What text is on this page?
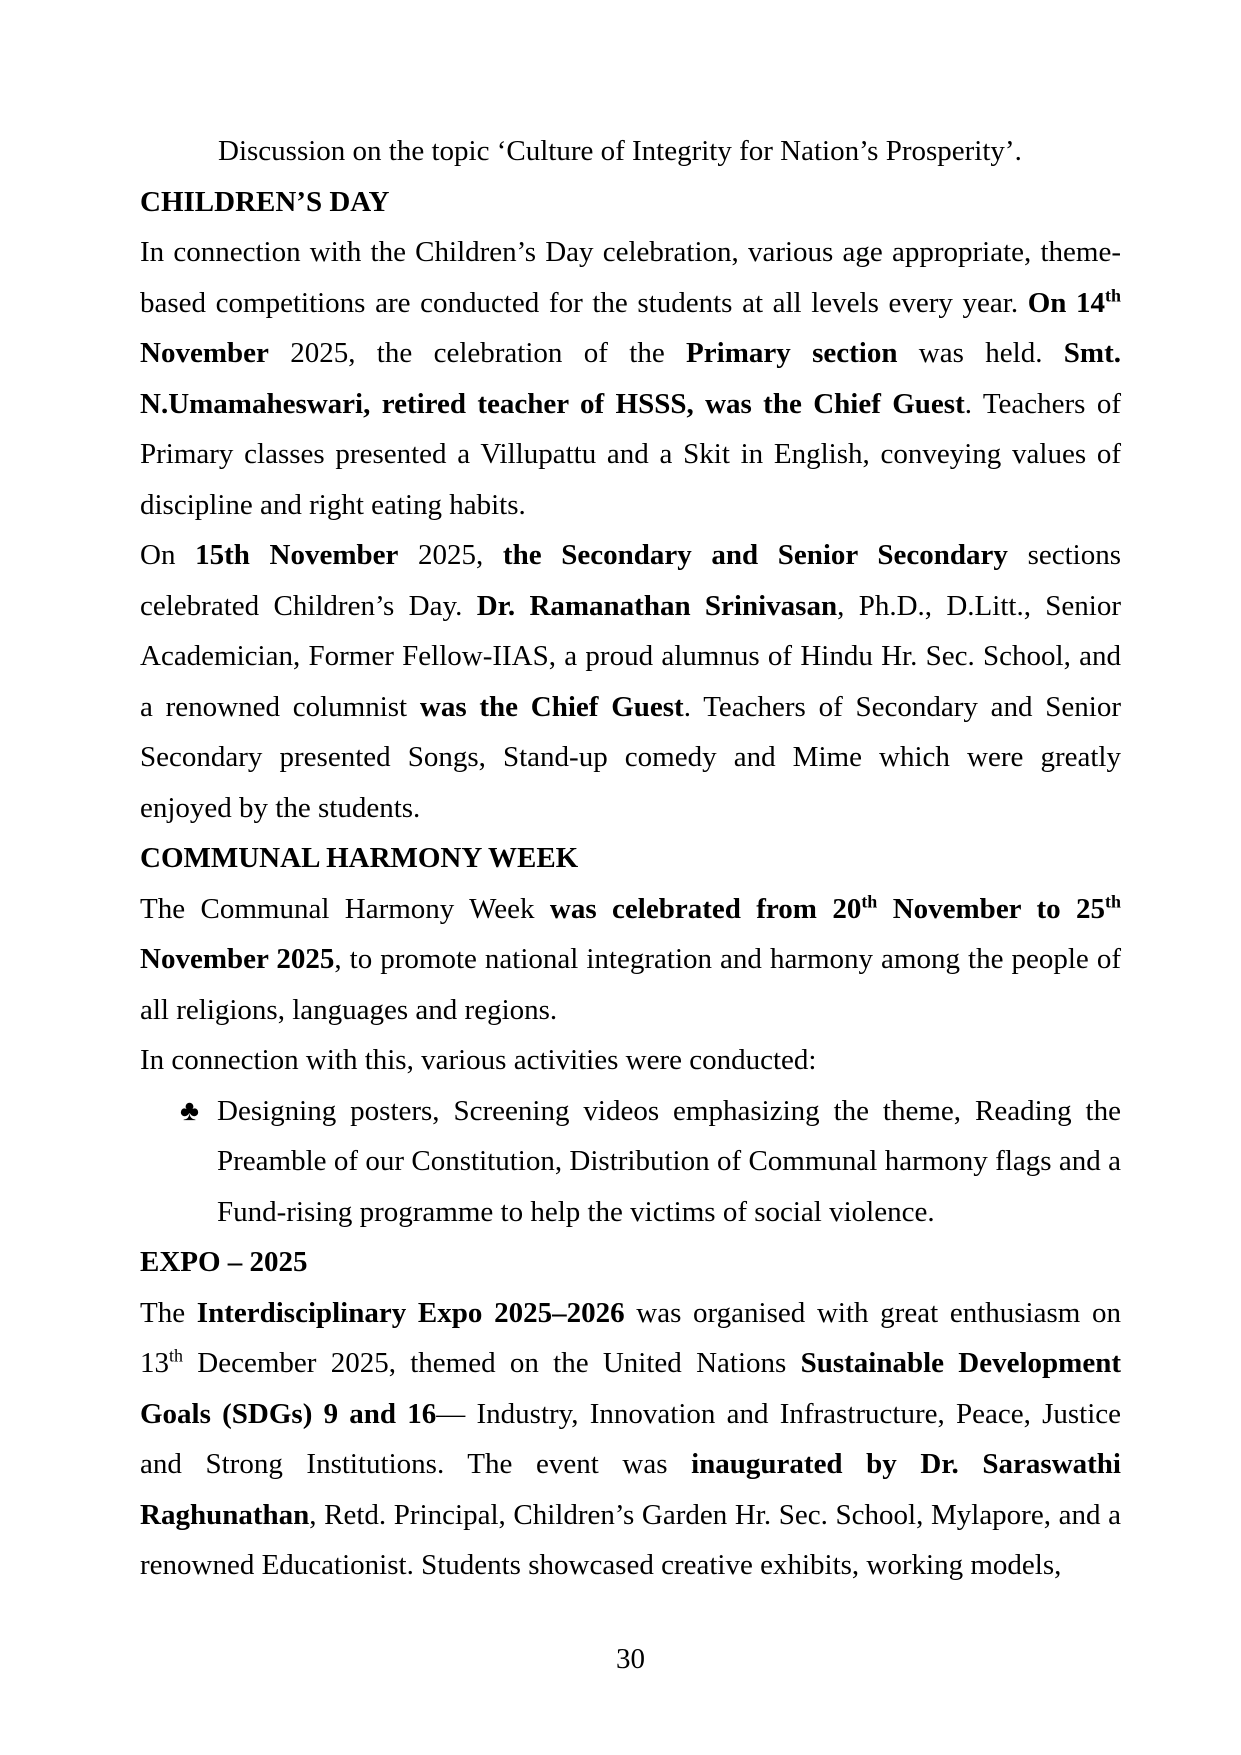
Discussion on the topic ‘Culture of Integrity for Nation’s Prosperity’.

CHILDREN’S DAY

In connection with the Children’s Day celebration, various age appropriate, theme-based competitions are conducted for the students at all levels every year. On 14th November 2025, the celebration of the Primary section was held. Smt. N.Umamaheswari, retired teacher of HSSS, was the Chief Guest. Teachers of Primary classes presented a Villupattu and a Skit in English, conveying values of discipline and right eating habits.

On 15th November 2025, the Secondary and Senior Secondary sections celebrated Children’s Day. Dr. Ramanathan Srinivasan, Ph.D., D.Litt., Senior Academician, Former Fellow-IIAS, a proud alumnus of Hindu Hr. Sec. School, and a renowned columnist was the Chief Guest. Teachers of Secondary and Senior Secondary presented Songs, Stand-up comedy and Mime which were greatly enjoyed by the students.

COMMUNAL HARMONY WEEK

The Communal Harmony Week was celebrated from 20th November to 25th November 2025, to promote national integration and harmony among the people of all religions, languages and regions.

In connection with this, various activities were conducted:

♣ Designing posters, Screening videos emphasizing the theme, Reading the Preamble of our Constitution, Distribution of Communal harmony flags and a Fund-rising programme to help the victims of social violence.

EXPO – 2025

The Interdisciplinary Expo 2025–2026 was organised with great enthusiasm on 13th December 2025, themed on the United Nations Sustainable Development Goals (SDGs) 9 and 16— Industry, Innovation and Infrastructure, Peace, Justice and Strong Institutions. The event was inaugurated by Dr. Saraswathi Raghunathan, Retd. Principal, Children’s Garden Hr. Sec. School, Mylapore, and a renowned Educationist. Students showcased creative exhibits, working models,

30
